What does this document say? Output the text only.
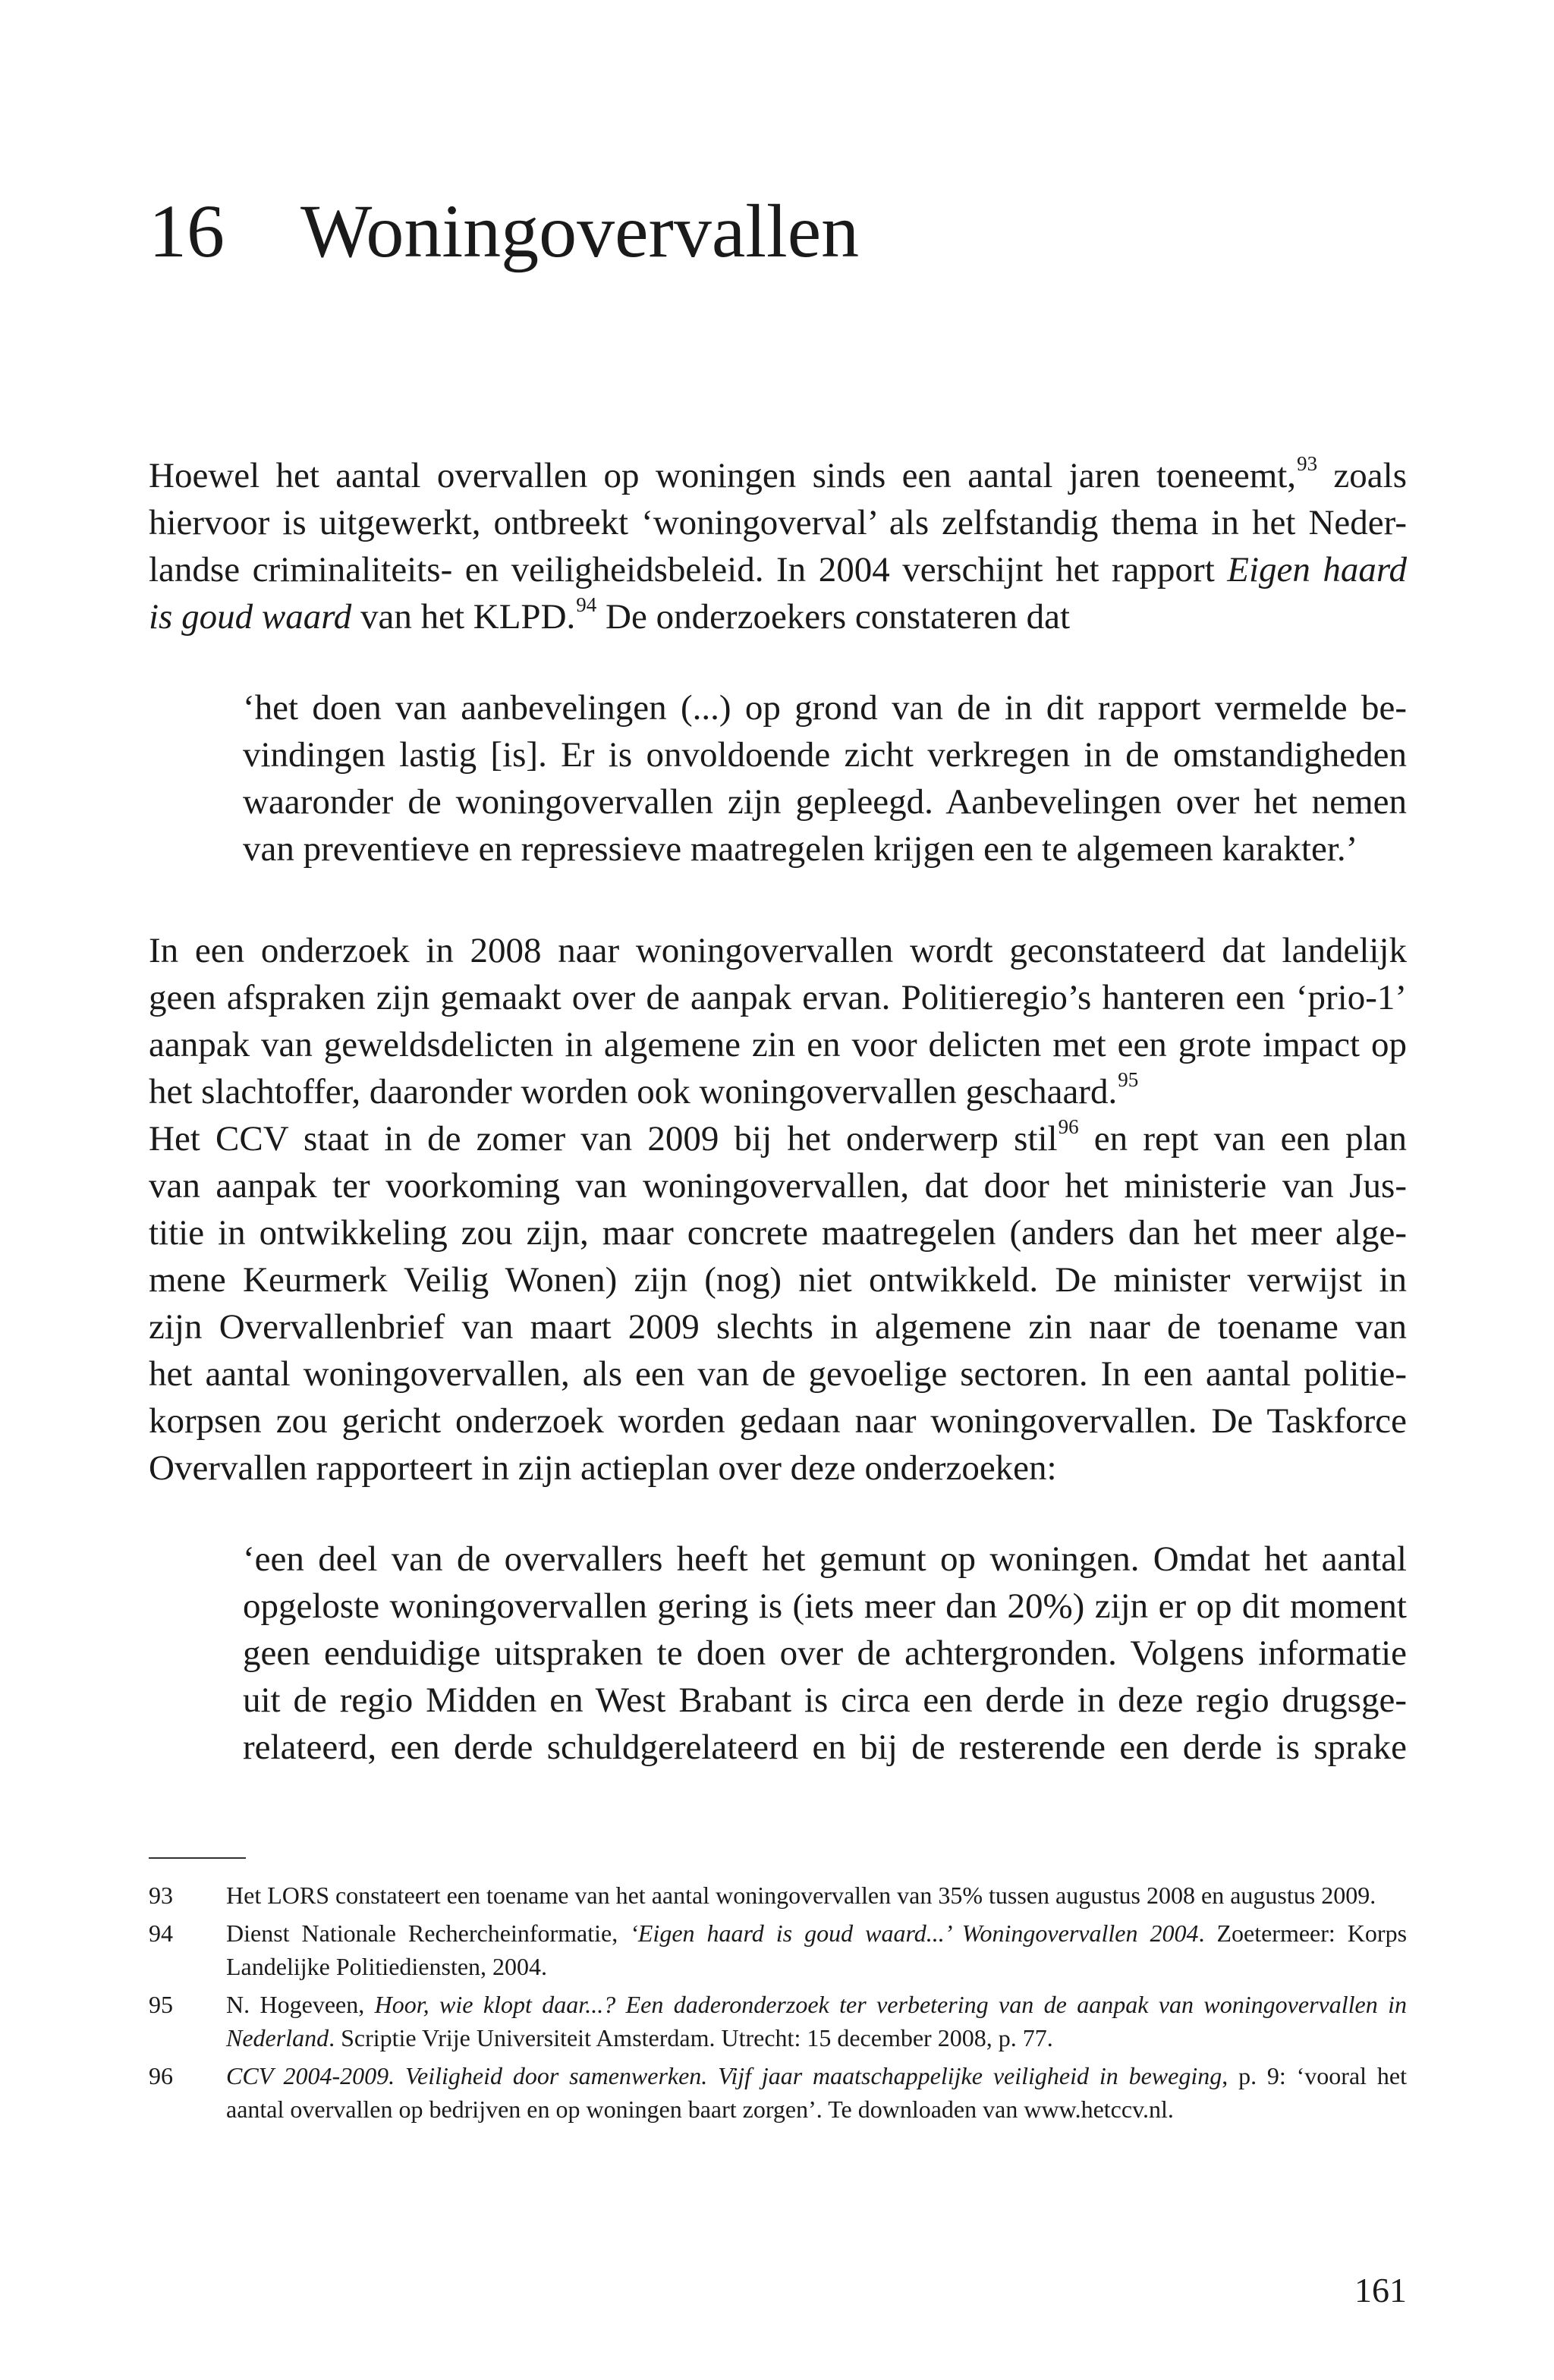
16 Woningovervallen
Hoewel het aantal overvallen op woningen sinds een aantal jaren toeneemt,$^{93}$ zoals
hiervoor is uitgewerkt, ontbreekt ‘woningoverval’ als zelfstandig thema in het Neder-
landse criminaliteits- en veiligheidsbeleid. In 2004 verschijnt het rapport Eigen haard
is goud waard van het KLPD.$^{94}$ De onderzoekers constateren dat
‘het doen van aanbevelingen (...) op grond van de in dit rapport vermelde be-
vindingen lastig [is]. Er is onvoldoende zicht verkregen in de omstandigheden
waaronder de woningovervallen zijn gepleegd. Aanbevelingen over het nemen
van preventieve en repressieve maatregelen krijgen een te algemeen karakter.’
In een onderzoek in 2008 naar woningovervallen wordt geconstateerd dat landelijk
geen afspraken zijn gemaakt over de aanpak ervan. Politieregio’s hanteren een ‘prio-1’
aanpak van geweldsdelicten in algemene zin en voor delicten met een grote impact op
het slachtoffer, daaronder worden ook woningovervallen geschaard.$^{95}$
Het CCV staat in de zomer van 2009 bij het onderwerp stil$^{96}$ en rept van een plan
van aanpak ter voorkoming van woningovervallen, dat door het ministerie van Jus-
titie in ontwikkeling zou zijn, maar concrete maatregelen (anders dan het meer alge-
mene Keurmerk Veilig Wonen) zijn (nog) niet ontwikkeld. De minister verwijst in
zijn Overvallenbrief van maart 2009 slechts in algemene zin naar de toename van
het aantal woningovervallen, als een van de gevoelige sectoren. In een aantal politie-
korpsen zou gericht onderzoek worden gedaan naar woningovervallen. De Taskforce
Overvallen rapporteert in zijn actieplan over deze onderzoeken:
‘een deel van de overvallers heeft het gemunt op woningen. Omdat het aantal
opgeloste woningovervallen gering is (iets meer dan 20%) zijn er op dit moment
geen eenduidige uitspraken te doen over de achtergronden. Volgens informatie
uit de regio Midden en West Brabant is circa een derde in deze regio drugsge-
relateerd, een derde schuldgerelateerd en bij de resterende een derde is sprake
93	Het LORS constateert een toename van het aantal woningovervallen van 35% tussen augustus 2008 en augustus 2009.
94	Dienst Nationale Rechercheinformatie, ‘Eigen haard is goud waard...’ Woningovervallen 2004. Zoetermeer: Korps Landelijke Politiediensten, 2004.
95	N. Hogeveen, Hoor, wie klopt daar...? Een daderonderzoek ter verbetering van de aanpak van woningovervallen in Nederland. Scriptie Vrije Universiteit Amsterdam. Utrecht: 15 december 2008, p. 77.
96	CCV 2004-2009. Veiligheid door samenwerken. Vijf jaar maatschappelijke veiligheid in beweging, p. 9: ‘vooral het aantal overvallen op bedrijven en op woningen baart zorgen’. Te downloaden van www.hetccv.nl.
161
